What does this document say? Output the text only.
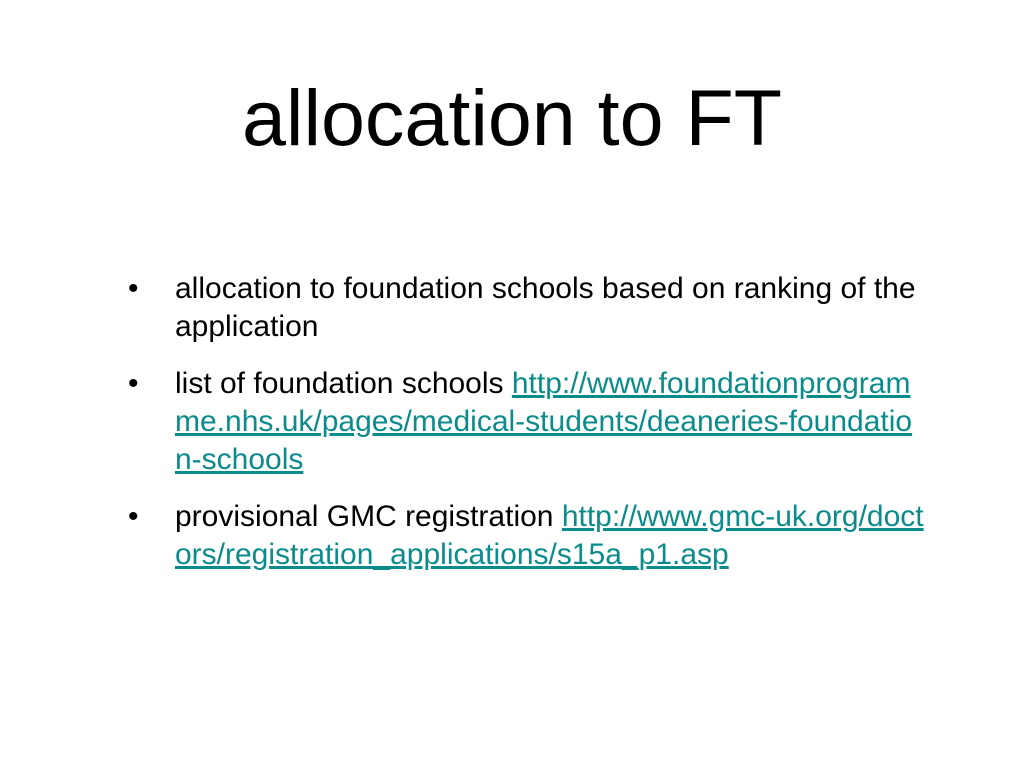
allocation to FT
• allocation to foundation schools based on ranking of the application
• list of foundation schools http://www.foundationprogramme.nhs.uk/pages/medical-students/deaneries-foundation-schools
• provisional GMC registration http://www.gmc-uk.org/doctors/registration_applications/s15a_p1.asp
